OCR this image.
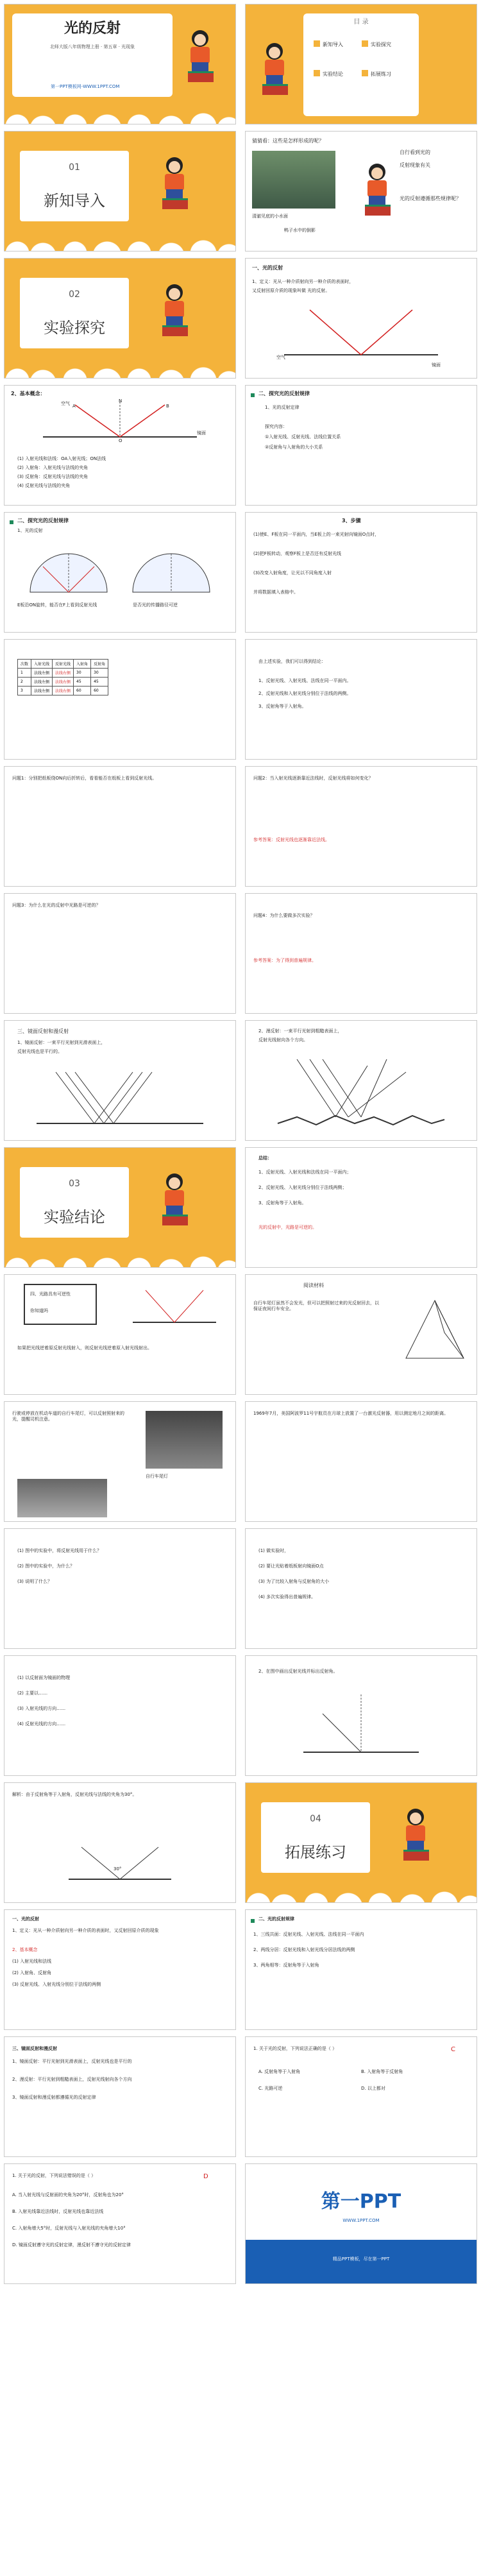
光的反射
北师大版八年级物理上册 · 第五章 · 光现象
第一PPT模板网-WWW.1PPT.COM
目 录
新知导入	实验探究
实验结论	拓展练习
01
新知导入
猜猜看：这些是怎样形成的呢？
清澈见底的小水面
鸭子水中的倒影
自行看到光的
反射现象有关
光的反射遵循那些规律呢？
02
实验探究
一、光的反射
1、定义：光从一种介质射向另一种介质的表面时，
又反射回原介质的现象叫做 光的反射。
空气
镜面
2、基本概念：
空气	N
A	B
O
镜面
(1) 入射光线和法线：OA入射光线；ON法线
(2) 入射角：入射光线与法线的夹角
(3) 反射角：反射光线与法线的夹角
(4) 反射光线与法线的夹角
二、探究光的反射规律
1、光的反射定律
探究内容：
①入射光线、反射光线、法线位置关系
②反射角与入射角的大小关系
二、探究光的反射规律
1、光的反射
E板沿ON旋转，能否在F上看到反射光线	是否光的传播路径可逆
3、步骤
(1)使E、F板在同一平面内，当E板上的一束光射向镜面O点时，
(2)把F板转动，观察F板上是否还有反射光线
(3)改变入射角度，让光以不同角度入射
并将数据填入表格中。
次数	入射光线	反射光线	入射角	反射角
1	法线左侧	法线右侧	30	30
2	法线左侧	法线右侧	45	45
3	法线左侧	法线右侧	60	60
由上述实验，我们可以得到结论：
1、反射光线、入射光线、法线在同一平面内。
2、反射光线和入射光线分别位于法线的两侧。
3、反射角等于入射角。
问题1：分别把纸板绕ON向后折转后，看看能否在纸板上看到反射光线。	问题2：当入射光线逐渐靠近法线时，反射光线将如何变化？
参考答案：反射光线也逐渐靠近法线。
问题3：为什么在光的反射中光路是可逆的？
问题4：为什么要做多次实验？
参考答案：为了得到普遍规律。
三、镜面反射和漫反射
1、镜面反射：一束平行光射到光滑表面上，
反射光线也是平行的。
2、漫反射：一束平行光射到粗糙表面上，
反射光线射向各个方向。
03
实验结论
总结：
1、反射光线、入射光线和法线在同一平面内；
2、反射光线、入射光线分别位于法线两侧；
3、反射角等于入射角。
光的反射中，光路是可逆的。
四、光路具有可逆性
你知道吗
如果把光线逆着原反射光线射入，则反射光线逆着原入射光线射出。
阅读材料
自行车尾灯虽然不会发光，但可以把照射过来的光反射回去，以保证夜间行车安全。
行驶或停放在机动车道的自行车尾灯，可以反射照射来的光，提醒司机注意。
自行车尾灯
1969年7月，美国阿波罗11号宇航员在月球上放置了一台激光反射器，用以测定地月之间的距离。
(1) 图中的实验中，将反射光线用于什么？
(2) 图中的实验中，为什么？
(3) 说明了什么？
(1) 做实验时，
(2) 要让光贴着纸板射向镜面O点
(3) 为了比较入射角与反射角的大小
(4) 多次实验得出普遍规律。
(1) 以反射面为镜面的物理
(2) 主要以……
(3) 入射光线的方向……
(4) 反射光线的方向……
2、在图中画出反射光线并标出反射角。
解析：由于反射角等于入射角，反射光线与法线的夹角为30°。
30°
04
拓展练习
一、光的反射
1、定义：光从一种介质射向另一种介质的表面时，又反射回原介质的现象
2、基本概念
(1) 入射光线和法线
(2) 入射角、反射角
(3) 反射光线、入射光线分别位于法线的两侧
二、光的反射规律
1、三线共面：反射光线、入射光线、法线在同一平面内
2、两线分居：反射光线和入射光线分居法线的两侧
3、两角相等：反射角等于入射角
三、镜面反射和漫反射
1、镜面反射：平行光射到光滑表面上，反射光线也是平行的
2、漫反射：平行光射到粗糙表面上，反射光线射向各个方向
3、镜面反射和漫反射都遵循光的反射定律
1. 关于光的反射，下列说法正确的是（ ）	C
A. 反射角等于入射角	B. 入射角等于反射角
C. 光路可逆	D. 以上都对
1. 关于光的反射，下列说法错误的是（ ）	D
A. 当入射光线与反射面的夹角为20°时，反射角也为20°
B. 入射光线靠近法线时，反射光线也靠近法线
C. 入射角增大5°时，反射光线与入射光线的夹角增大10°
D. 镜面反射遵守光的反射定律，漫反射不遵守光的反射定律
第一PPT
WWW.1PPT.COM
精品PPT模板，尽在第一PPT
